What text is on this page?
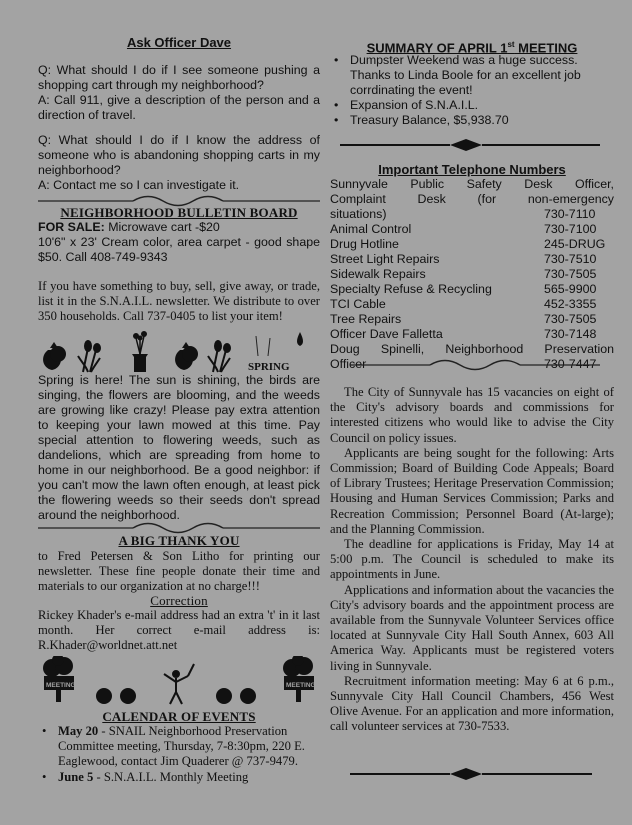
Ask Officer Dave

Q: What should I do if I see someone pushing a shopping cart through my neighborhood?

A: Call 911, give a description of the person and a direction of travel.

Q: What should I do if I know the address of someone who is abandoning shopping carts in my neighborhood?

A: Contact me so I can investigate it.

NEIGHBORHOOD BULLETIN BOARD

FOR SALE: Microwave cart -$20

10'6" x 23' Cream color, area carpet - good shape $50. Call 408-749-9343

If you have something to buy, sell, give away, or trade, list it in the S.N.A.I.L. newsletter. We distribute to over 350 households. Call 737-0405 to list your item!

SPRING

Spring is here! The sun is shining, the birds are singing, the flowers are blooming, and the weeds are growing like crazy! Please pay extra attention to keeping your lawn mowed at this time. Pay special attention to flowering weeds, such as dandelions, which are spreading from home to home in our neighborhood. Be a good neighbor: if you can't mow the lawn often enough, at least pick the flowering weeds so their seeds don't spread around the neighborhood.

A BIG THANK YOU

to Fred Petersen & Son Litho for printing our newsletter. These fine people donate their time and materials to our organization at no charge!!!

Correction

Rickey Khader's e-mail address had an extra 't' in it last month. Her correct e-mail address is: R.Khader@worldnet.att.net

MEETINGS	MEETINGS
CALENDAR OF EVENTS
• May 20 - SNAIL Neighborhood Preservation Committee meeting, Thursday, 7-8:30pm, 220 E. Eaglewood, contact Jim Quaderer @ 737-9479.
• June 5 - S.N.A.I.L. Monthly Meeting
SUMMARY OF APRIL 1st MEETING
• Dumpster Weekend was a huge success. Thanks to Linda Boole for an excellent job corrdinating the event!
• Expansion of S.N.A.I.L.
• Treasury Balance, $5,938.70
Important Telephone Numbers

Sunnyvale Public Safety Desk Officer,

Complaint Desk (for non-emergency

situations)	730-7110
Animal Control	730-7100
Drug Hotline	245-DRUG
Street Light Repairs	730-7510
Sidewalk Repairs	730-7505
Specialty Refuse & Recycling	565-9900
TCI Cable	452-3355
Tree Repairs	730-7505
Officer Dave Falletta	730-7148

Doug Spinelli, Neighborhood Preservation

Officer	730-7447

The City of Sunnyvale has 15 vacancies on eight of the City's advisory boards and commissions for interested citizens who would like to advise the City Council on policy issues.

Applicants are being sought for the following: Arts Commission; Board of Building Code Appeals; Board of Library Trustees; Heritage Preservation Commission; Housing and Human Services Commission; Parks and Recreation Commission; Personnel Board (At-large); and the Planning Commission.

The deadline for applications is Friday, May 14 at 5:00 p.m. The Council is scheduled to make its appointments in June.

Applications and information about the vacancies the City's advisory boards and the appointment process are available from the Sunnyvale Volunteer Services office located at Sunnyvale City Hall South Annex, 603 All America Way. Applicants must be registered voters living in Sunnyvale.

Recruitment information meeting: May 6 at 6 p.m., Sunnyvale City Hall Council Chambers, 456 West Olive Avenue. For an application and more information, call volunteer services at 730-7533.
